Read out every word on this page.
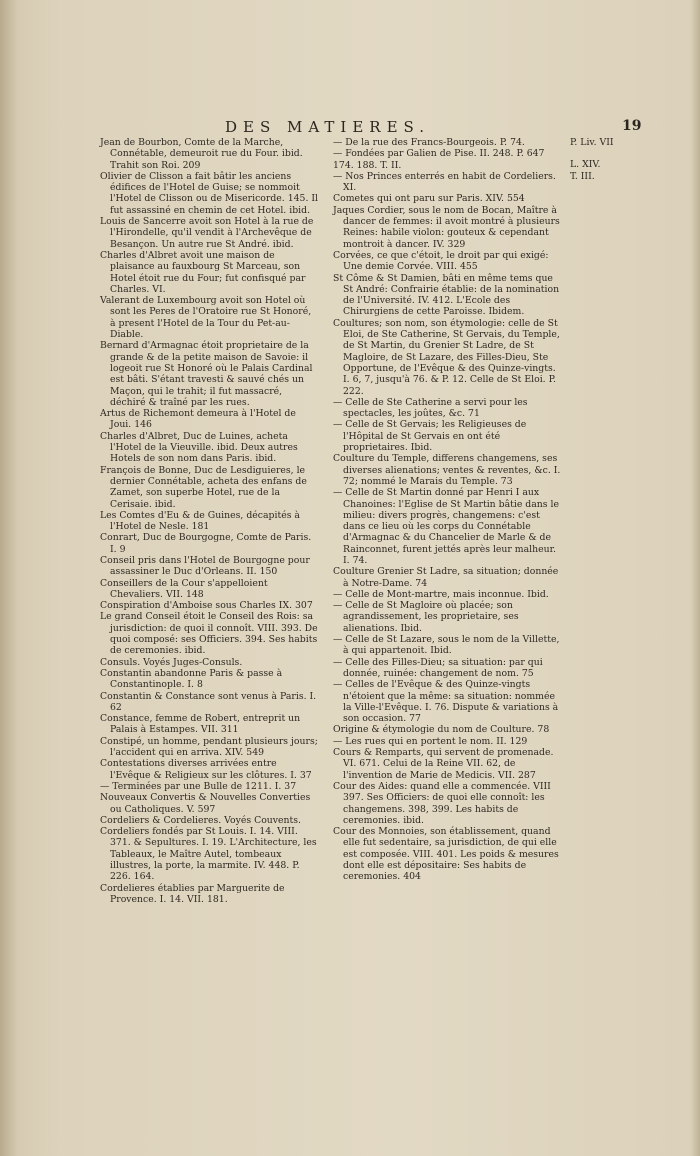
DES MATIERES.	19

Jean de Bourbon, Comte de la Marche, Connétable, demeuroit rue du Four. ibid. Trahit son Roi. 209

Olivier de Clisson a fait bâtir les anciens édifices de l'Hotel de Guise; se nommoit l'Hotel de Clisson ou de Misericorde. 145. Il fut assassiné en chemin de cet Hotel. ibid.

Louis de Sancerre avoit son Hotel à la rue de l'Hirondelle, qu'il vendit à l'Archevêque de Besançon. Un autre rue St André. ibid.

Charles d'Albret avoit une maison de plaisance au fauxbourg St Marceau, son Hotel étoit rue du Four; fut confisqué par Charles. VI.

Valerant de Luxembourg avoit son Hotel où sont les Peres de l'Oratoire rue St Honoré, à present l'Hotel de la Tour du Pet-au-Diable.

Bernard d'Armagnac étoit proprietaire de la grande & de la petite maison de Savoie: il logeoit rue St Honoré où le Palais Cardinal est bâti. S'étant travesti & sauvé chés un Maçon, qui le trahit; il fut massacré, déchiré & traîné par les rues.

Artus de Richemont demeura à l'Hotel de Joui. 146

Charles d'Albret, Duc de Luines, acheta l'Hotel de la Vieuville. ibid. Deux autres Hotels de son nom dans Paris. ibid.

François de Bonne, Duc de Lesdiguieres, le dernier Connétable, acheta des enfans de Zamet, son superbe Hotel, rue de la Cerisaie. ibid.

Les Comtes d'Eu & de Guines, décapités à l'Hotel de Nesle. 181

Conrart, Duc de Bourgogne, Comte de Paris. I. 9

Conseil pris dans l'Hotel de Bourgogne pour assassiner le Duc d'Orleans. II. 150

Conseillers de la Cour s'appelloient Chevaliers. VII. 148

Conspiration d'Amboise sous Charles IX. 307

Le grand Conseil étoit le Conseil des Rois: sa jurisdiction: de quoi il connoît. VIII. 393. De quoi composé: ses Officiers. 394. Ses habits de ceremonies. ibid.

Consuls. Voyés Juges-Consuls.

Constantin abandonne Paris & passe à Constantinople. I. 8

Constantin & Constance sont venus à Paris. I. 62

Constance, femme de Robert, entreprit un Palais à Estampes. VII. 311

Constipé, un homme, pendant plusieurs jours; l'accident qui en arriva. XIV. 549

Contestations diverses arrivées entre l'Evêque & Religieux sur les clôtures. I. 37

— Terminées par une Bulle de 1211. I. 37

Nouveaux Convertis & Nouvelles Converties ou Catholiques. V. 597

Cordeliers & Cordelieres. Voyés Couvents.

Cordeliers fondés par St Louis. I. 14. VIII. 371. & Sepultures. I. 19. L'Architecture, les Tableaux, le Maître Autel, tombeaux illustres, la porte, la marmite. IV. 448. P. 226. 164.

Cordelieres établies par Marguerite de Provence. I. 14. VII. 181.

— De la rue des Francs-Bourgeois. P. 74.

— Fondées par Galien de Pise. II. 248. P. 647

174. 188. T. II.

— Nos Princes enterrés en habit de Cordeliers. XI.

Cometes qui ont paru sur Paris. XIV. 554

Jaques Cordier, sous le nom de Bocan, Maître à dancer de femmes: il avoit montré à plusieurs Reines: habile violon: gouteux & cependant montroit à dancer. IV. 329

Corvées, ce que c'étoit, le droit par qui exigé: Une demie Corvée. VIII. 455

St Côme & St Damien, bâti en même tems que St André: Confrairie établie: de la nomination de l'Université. IV. 412. L'Ecole des Chirurgiens de cette Paroisse. Ibidem.

Coultures; son nom, son étymologie: celle de St Eloi, de Ste Catherine, St Gervais, du Temple, de St Martin, du Grenier St Ladre, de St Magloire, de St Lazare, des Filles-Dieu, Ste Opportune, de l'Evêque & des Quinze-vingts. I. 6, 7, jusqu'à 76. & P. 12. Celle de St Eloi. P. 222.

— Celle de Ste Catherine a servi pour les spectacles, les joûtes, &c. 71

— Celle de St Gervais; les Religieuses de l'Hôpital de St Gervais en ont été proprietaires. Ibid.

Coulture du Temple, differens changemens, ses diverses alienations; ventes & reventes, &c. I. 72; nommé le Marais du Temple. 73

— Celle de St Martin donné par Henri I aux Chanoines: l'Eglise de St Martin bâtie dans le milieu: divers progrès, changemens: c'est dans ce lieu où les corps du Connétable d'Armagnac & du Chancelier de Marle & de Rainconnet, furent jettés après leur malheur. I. 74.

Coulture Grenier St Ladre, sa situation; donnée à Notre-Dame. 74

— Celle de Mont-martre, mais inconnue. Ibid.

— Celle de St Magloire où placée; son agrandissement, les proprietaire, ses alienations. Ibid.

— Celle de St Lazare, sous le nom de la Villette, à qui appartenoit. Ibid.

— Celle des Filles-Dieu; sa situation: par qui donnée, ruinée: changement de nom. 75

— Celles de l'Evêque & des Quinze-vingts n'étoient que la même: sa situation: nommée la Ville-l'Evêque. I. 76. Dispute & variations à son occasion. 77

Origine & étymologie du nom de Coulture. 78

— Les rues qui en portent le nom. II. 129

Cours & Remparts, qui servent de promenade. VI. 671. Celui de la Reine VII. 62, de l'invention de Marie de Medicis. VII. 287

Cour des Aides: quand elle a commencée. VIII 397. Ses Officiers: de quoi elle connoît: les changemens. 398, 399. Les habits de ceremonies. ibid.

Cour des Monnoies, son établissement, quand elle fut sedentaire, sa jurisdiction, de qui elle est composée. VIII. 401. Les poids & mesures dont elle est dépositaire: Ses habits de ceremonies. 404

P. Liv. VII
L. XIV.
T. III.
